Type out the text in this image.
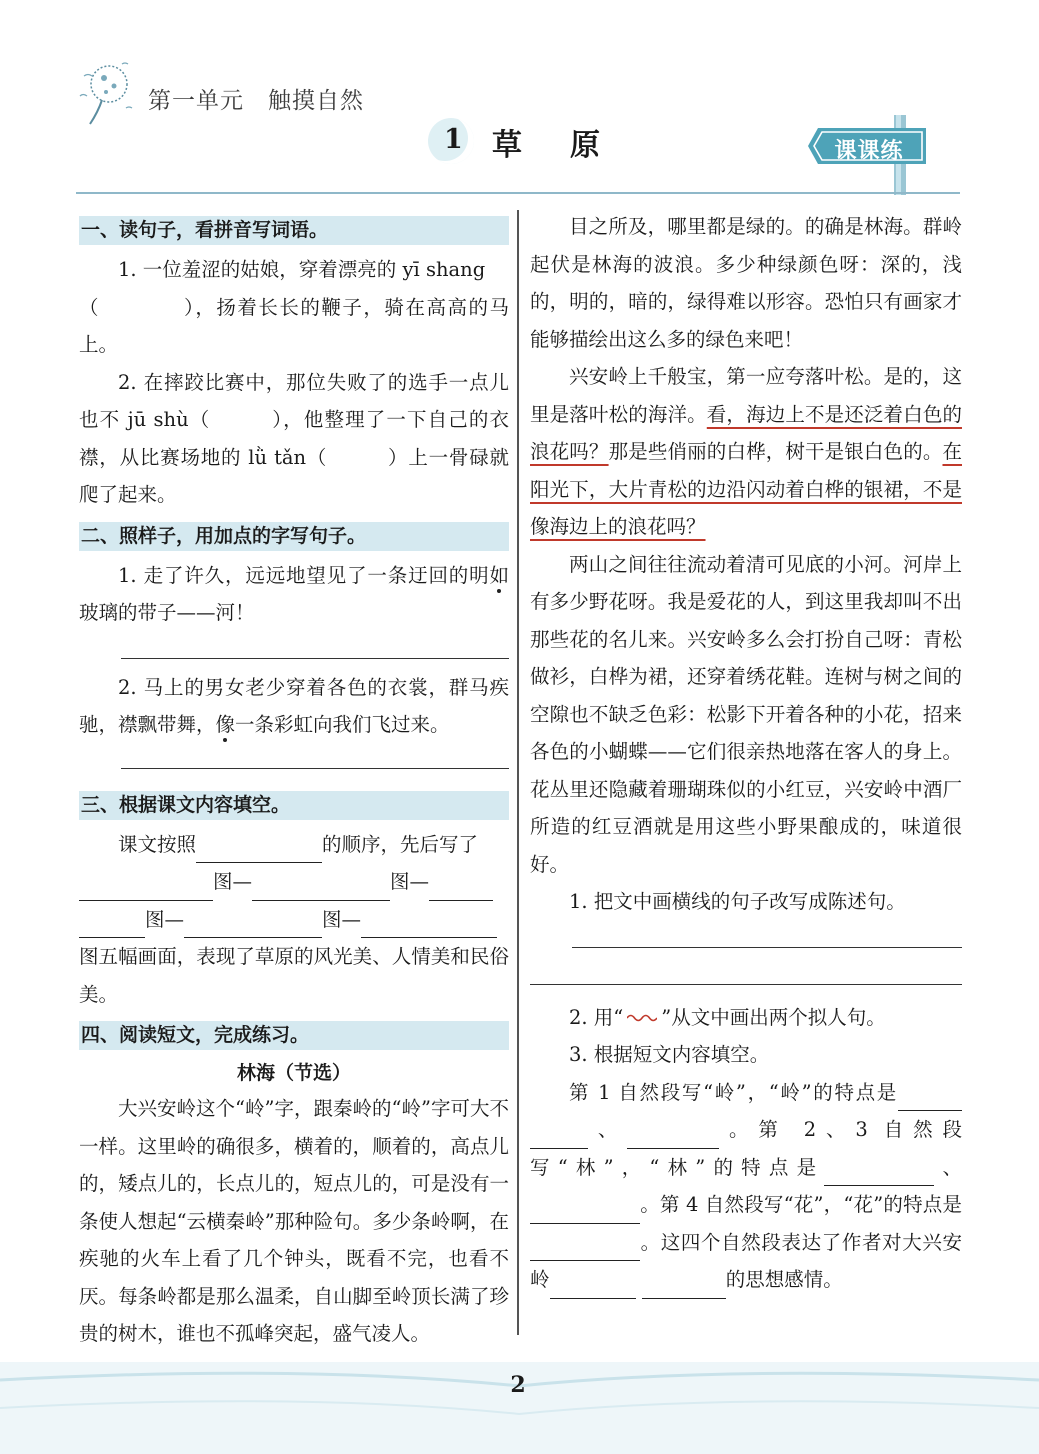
第一单元　触摸自然
1 草原	课课练
一、读句子，看拼音写词语。

1. 一位羞涩的姑娘，穿着漂亮的 yī shang

（　　　　），扬着长长的鞭子，骑在高高的马上。

2. 在摔跤比赛中，那位失败了的选手一点儿也不 jū shù（　　　），他整理了一下自己的衣襟，从比赛场地的 lǜ tǎn（　　　）上一骨碌就爬了起来。

二、照样子，用加点的字写句子。

1. 走了许久，远远地望见了一条迂回的明如玻璃的带子——河！

2. 马上的男女老少穿着各色的衣裳，群马疾驰，襟飘带舞，像一条彩虹向我们飞过来。

三、根据课文内容填空。

课文按照	的顺序，先后写了

图—	图—

图—	图—

图五幅画面，表现了草原的风光美、人情美和民俗美。

四、阅读短文，完成练习。
林海（节选）

大兴安岭这个“岭”字，跟秦岭的“岭”字可大不一样。这里岭的确很多，横着的，顺着的，高点儿的，矮点儿的，长点儿的，短点儿的，可是没有一条使人想起“云横秦岭”那种险句。多少条岭啊，在疾驰的火车上看了几个钟头，既看不完，也看不厌。每条岭都是那么温柔，自山脚至岭顶长满了珍贵的树木，谁也不孤峰突起，盛气凌人。

目之所及，哪里都是绿的。的确是林海。群岭起伏是林海的波浪。多少种绿颜色呀：深的，浅的，明的，暗的，绿得难以形容。恐怕只有画家才能够描绘出这么多的绿色来吧！

兴安岭上千般宝，第一应夸落叶松。是的，这里是落叶松的海洋。看，海边上不是还泛着白色的浪花吗？那是些俏丽的白桦，树干是银白色的。在阳光下，大片青松的边沿闪动着白桦的银裙，不是像海边上的浪花吗？

两山之间往往流动着清可见底的小河。河岸上有多少野花呀。我是爱花的人，到这里我却叫不出那些花的名儿来。兴安岭多么会打扮自己呀：青松做衫，白桦为裙，还穿着绣花鞋。连树与树之间的空隙也不缺乏色彩：松影下开着各种的小花，招来各色的小蝴蝶——它们很亲热地落在客人的身上。花丛里还隐藏着珊瑚珠似的小红豆，兴安岭中酒厂所造的红豆酒就是用这些小野果酿成的，味道很好。

1. 把文中画横线的句子改写成陈述句。

2. 用“ ”从文中画出两个拟人句。

3. 根据短文内容填空。

第 1 自然段写“岭”，“岭”的特点是 、	。第 2、3 自然段写“林”，“林”的特点是	、。第 4 自然段写“花”，“花”的特点是。这四个自然段表达了作者对大兴安岭	的思想感情。

2
